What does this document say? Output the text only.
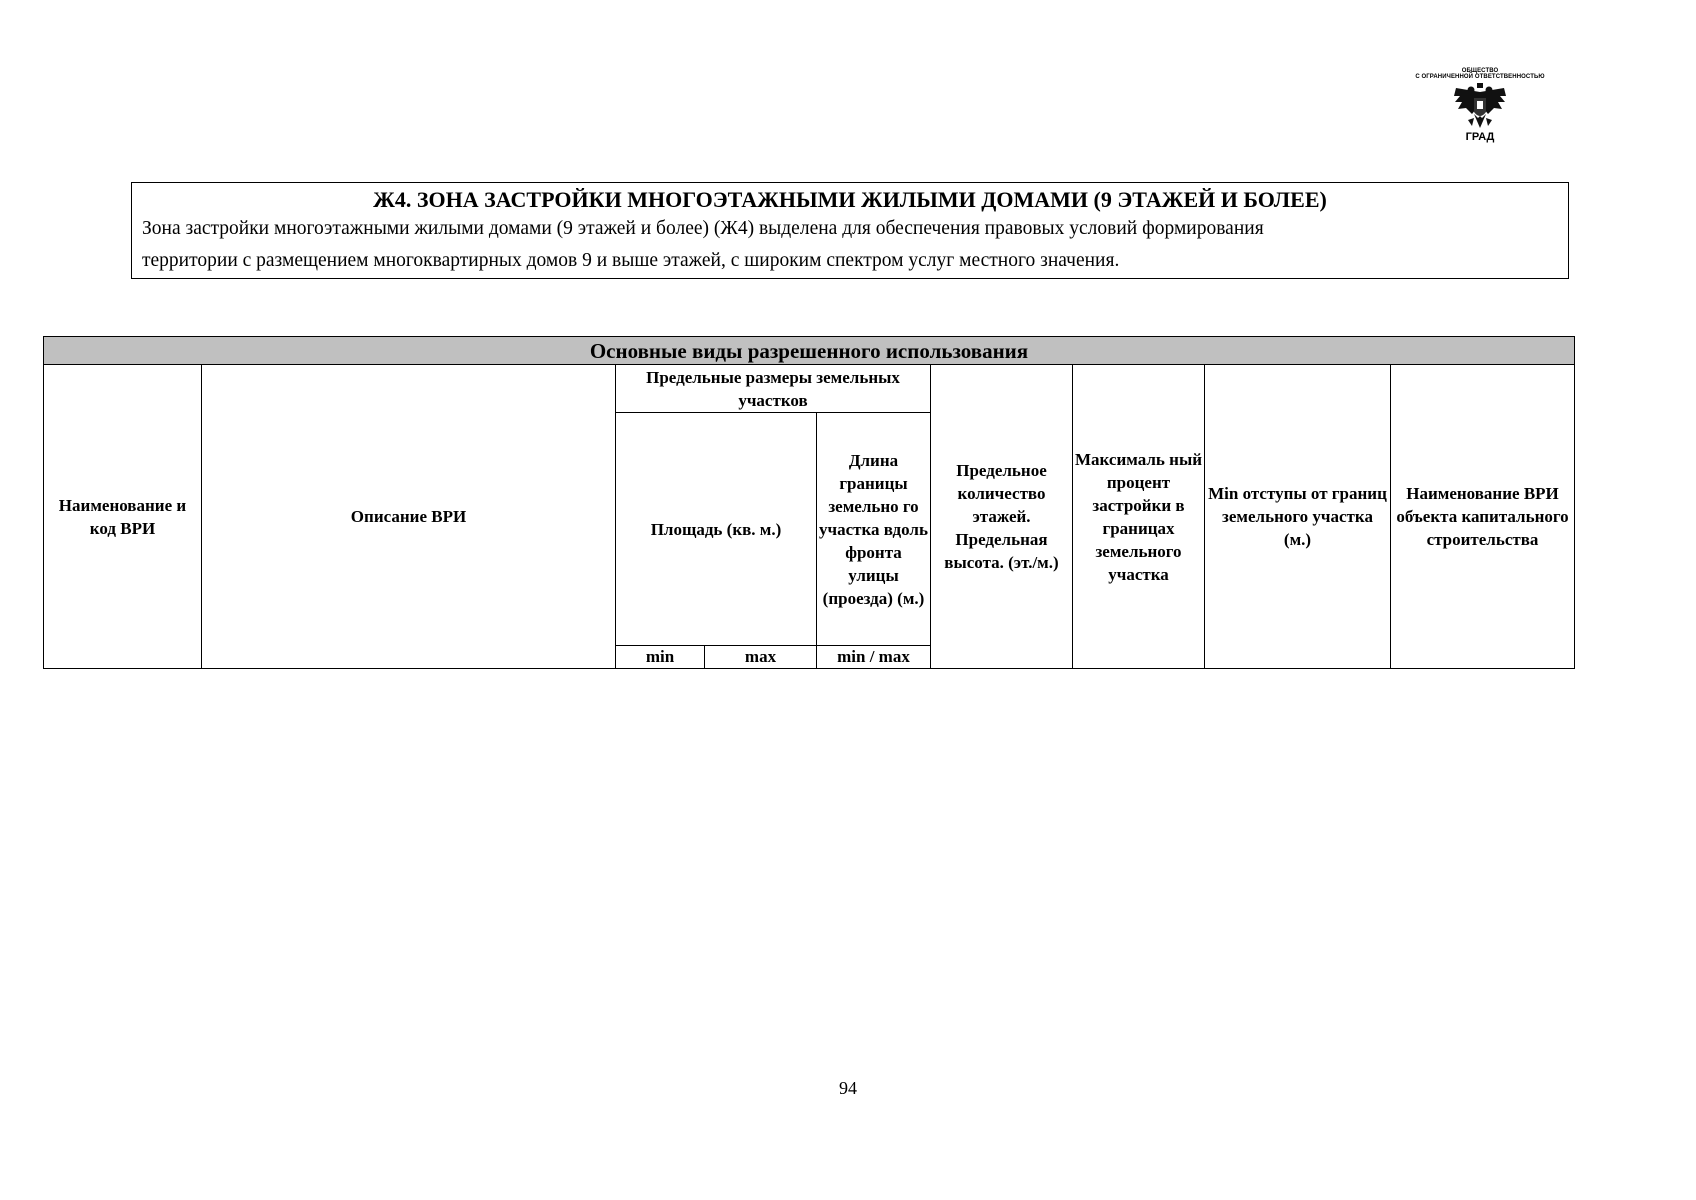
ОБЩЕСТВО
С ОГРАНИЧЕННОЙ ОТВЕТСТВЕННОСТЬЮ
ГРАД
Ж4. ЗОНА ЗАСТРОЙКИ МНОГОЭТАЖНЫМИ ЖИЛЫМИ ДОМАМИ (9 ЭТАЖЕЙ И БОЛЕЕ)
Зона застройки многоэтажными жилыми домами (9 этажей и более) (Ж4) выделена для обеспечения правовых условий формирования
территории с размещением многоквартирных домов 9 и выше этажей, с широким спектром услуг местного значения.
Основные виды разрешенного использования								
Наименование и код ВРИ	Описание ВРИ	Предельные размеры земельных участков			Предельное количество этажей. Предельная высота. (эт./м.)	Максималь ный процент застройки в границах земельного участка	Min отступы от границ земельного участка (м.)	Наименование ВРИ объекта капитального строительства
		Площадь (кв. м.)		Длина границы земельно го участка вдоль фронта улицы (проезда) (м.)				
		min	max	min / max				
94
